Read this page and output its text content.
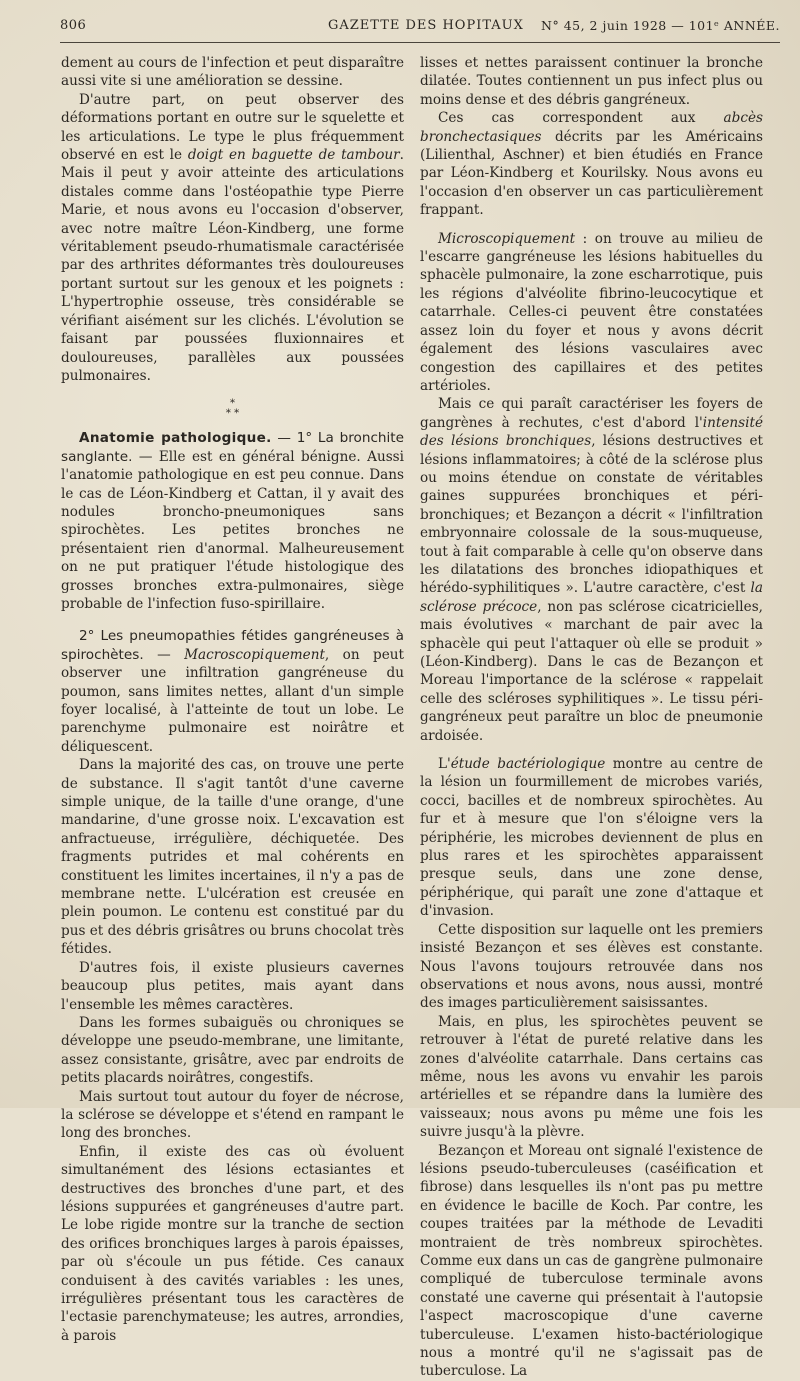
806	GAZETTE DES HOPITAUX N° 45, 2 juin 1928 — 101ᵉ ANNÉE.

dement au cours de l'infection et peut disparaître aussi vite si une amélioration se dessine.

D'autre part, on peut observer des déformations portant en outre sur le squelette et les articulations. Le type le plus fréquemment observé en est le doigt en baguette de tambour. Mais il peut y avoir atteinte des articulations distales comme dans l'ostéopathie type Pierre Marie, et nous avons eu l'occasion d'observer, avec notre maître Léon-Kindberg, une forme véritablement pseudo-rhumatismale caractérisée par des arthrites déformantes très douloureuses portant surtout sur les genoux et les poignets : L'hypertrophie osseuse, très considérable se vérifiant aisément sur les clichés. L'évolution se faisant par poussées fluxionnaires et douloureuses, parallèles aux poussées pulmonaires.

*
* *

Anatomie pathologique. — 1° La bronchite sanglante. — Elle est en général bénigne. Aussi l'anatomie pathologique en est peu connue. Dans le cas de Léon-Kindberg et Cattan, il y avait des nodules broncho-pneumoniques sans spirochètes. Les petites bronches ne présentaient rien d'anormal. Malheureusement on ne put pratiquer l'étude histologique des grosses bronches extra-pulmonaires, siège probable de l'infection fuso-spirillaire.

2° Les pneumopathies fétides gangréneuses à spirochètes. — Macroscopiquement, on peut observer une infiltration gangréneuse du poumon, sans limites nettes, allant d'un simple foyer localisé, à l'atteinte de tout un lobe. Le parenchyme pulmonaire est noirâtre et déliquescent.

Dans la majorité des cas, on trouve une perte de substance. Il s'agit tantôt d'une caverne simple unique, de la taille d'une orange, d'une mandarine, d'une grosse noix. L'excavation est anfractueuse, irrégulière, déchiquetée. Des fragments putrides et mal cohérents en constituent les limites incertaines, il n'y a pas de membrane nette. L'ulcération est creusée en plein poumon. Le contenu est constitué par du pus et des débris grisâtres ou bruns chocolat très fétides.

D'autres fois, il existe plusieurs cavernes beaucoup plus petites, mais ayant dans l'ensemble les mêmes caractères.

Dans les formes subaiguës ou chroniques se développe une pseudo-membrane, une limitante, assez consistante, grisâtre, avec par endroits de petits placards noirâtres, congestifs.

Mais surtout tout autour du foyer de nécrose, la sclérose se développe et s'étend en rampant le long des bronches.

Enfin, il existe des cas où évoluent simultanément des lésions ectasiantes et destructives des bronches d'une part, et des lésions suppurées et gangréneuses d'autre part. Le lobe rigide montre sur la tranche de section des orifices bronchiques larges à parois épaisses, par où s'écoule un pus fétide. Ces canaux conduisent à des cavités variables : les unes, irrégulières présentant tous les caractères de l'ectasie parenchymateuse; les autres, arrondies, à parois

lisses et nettes paraissent continuer la bronche dilatée. Toutes contiennent un pus infect plus ou moins dense et des débris gangréneux.

Ces cas correspondent aux abcès bronchectasiques décrits par les Américains (Lilienthal, Aschner) et bien étudiés en France par Léon-Kindberg et Kourilsky. Nous avons eu l'occasion d'en observer un cas particulièrement frappant.

Microscopiquement : on trouve au milieu de l'escarre gangréneuse les lésions habituelles du sphacèle pulmonaire, la zone escharrotique, puis les régions d'alvéolite fibrino-leucocytique et catarrhale. Celles-ci peuvent être constatées assez loin du foyer et nous y avons décrit également des lésions vasculaires avec congestion des capillaires et des petites artérioles.

Mais ce qui paraît caractériser les foyers de gangrènes à rechutes, c'est d'abord l'intensité des lésions bronchiques, lésions destructives et lésions inflammatoires; à côté de la sclérose plus ou moins étendue on constate de véritables gaines suppurées bronchiques et péri-bronchiques; et Bezançon a décrit « l'infiltration embryonnaire colossale de la sous-muqueuse, tout à fait comparable à celle qu'on observe dans les dilatations des bronches idiopathiques et hérédo-syphilitiques ». L'autre caractère, c'est la sclérose précoce, non pas sclérose cicatricielles, mais évolutives « marchant de pair avec la sphacèle qui peut l'attaquer où elle se produit » (Léon-Kindberg). Dans le cas de Bezançon et Moreau l'importance de la sclérose « rappelait celle des scléroses syphilitiques ». Le tissu péri-gangréneux peut paraître un bloc de pneumonie ardoisée.

L'étude bactériologique montre au centre de la lésion un fourmillement de microbes variés, cocci, bacilles et de nombreux spirochètes. Au fur et à mesure que l'on s'éloigne vers la périphérie, les microbes deviennent de plus en plus rares et les spirochètes apparaissent presque seuls, dans une zone dense, périphérique, qui paraît une zone d'attaque et d'invasion.

Cette disposition sur laquelle ont les premiers insisté Bezançon et ses élèves est constante. Nous l'avons toujours retrouvée dans nos observations et nous avons, nous aussi, montré des images particulièrement saisissantes.

Mais, en plus, les spirochètes peuvent se retrouver à l'état de pureté relative dans les zones d'alvéolite catarrhale. Dans certains cas même, nous les avons vu envahir les parois artérielles et se répandre dans la lumière des vaisseaux; nous avons pu même une fois les suivre jusqu'à la plèvre.

Bezançon et Moreau ont signalé l'existence de lésions pseudo-tuberculeuses (caséification et fibrose) dans lesquelles ils n'ont pas pu mettre en évidence le bacille de Koch. Par contre, les coupes traitées par la méthode de Levaditi montraient de très nombreux spirochètes. Comme eux dans un cas de gangrène pulmonaire compliqué de tuberculose terminale avons constaté une caverne qui présentait à l'autopsie l'aspect macroscopique d'une caverne tuberculeuse. L'examen histo-bactériologique nous a montré qu'il ne s'agissait pas de tuberculose. La
